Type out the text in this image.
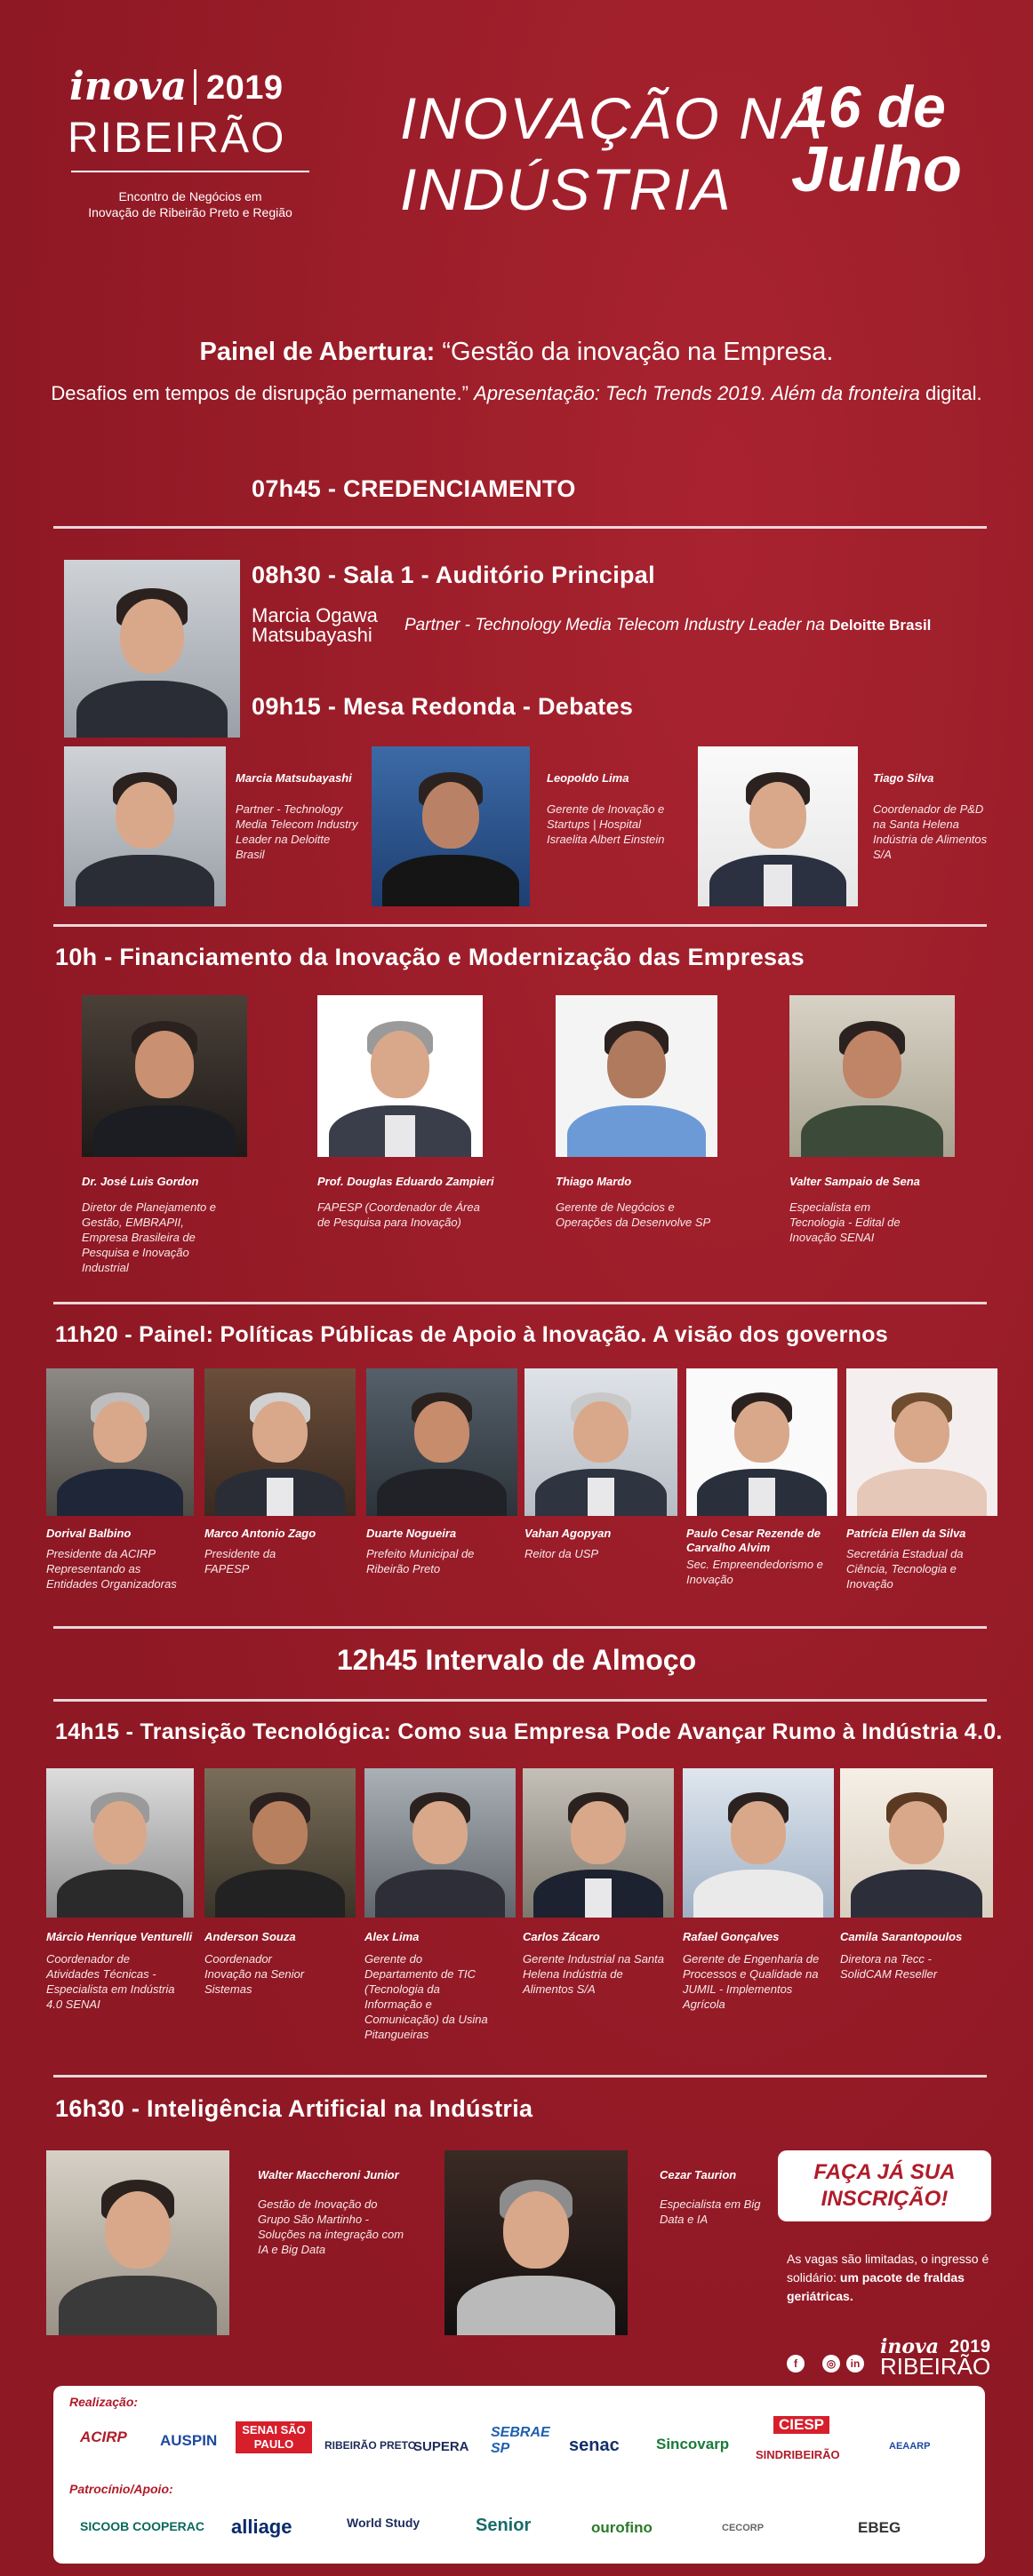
inova 2019
RIBEIRÃO
Encontro de Negócios em
Inovação de Ribeirão Preto e Região
INOVAÇÃO NA
INDÚSTRIA
16 de
Julho
Painel de Abertura: “Gestão da inovação na Empresa.
Desafios em tempos de disrupção permanente.” Apresentação: Tech Trends 2019. Além da fronteira digital.
07h45 - CREDENCIAMENTO
08h30 - Sala 1 - Auditório Principal
Marcia Ogawa Matsubayashi	Partner - Technology Media Telecom Industry Leader na Deloitte Brasil
09h15 - Mesa Redonda - Debates
Marcia Matsubayashi
Partner - Technology Media Telecom Industry Leader na Deloitte Brasil
Leopoldo Lima
Gerente de Inovação e Startups | Hospital Israelita Albert Einstein
Tiago Silva
Coordenador de P&D na Santa Helena Indústria de Alimentos S/A
10h - Financiamento da Inovação e Modernização das Empresas
Dr. José Luis Gordon
Diretor de Planejamento e Gestão, EMBRAPII, Empresa Brasileira de Pesquisa e Inovação Industrial
Prof. Douglas Eduardo Zampieri
FAPESP (Coordenador de Área de Pesquisa para Inovação)
Thiago Mardo
Gerente de Negócios e Operações da Desenvolve SP
Valter Sampaio de Sena
Especialista em Tecnologia - Edital de Inovação SENAI
11h20 - Painel: Políticas Públicas de Apoio à Inovação. A visão dos governos
Dorival Balbino
Presidente da ACIRP Representando as Entidades Organizadoras
Marco Antonio Zago
Presidente da FAPESP
Duarte Nogueira
Prefeito Municipal de Ribeirão Preto
Vahan Agopyan
Reitor da USP
Paulo Cesar Rezende de Carvalho Alvim
Sec. Empreendedorismo e Inovação
Patrícia Ellen da Silva
Secretária Estadual da Ciência, Tecnologia e Inovação
12h45 Intervalo de Almoço
14h15 - Transição Tecnológica: Como sua Empresa Pode Avançar Rumo à Indústria 4.0.
Márcio Henrique Venturelli
Coordenador de Atividades Técnicas - Especialista em Indústria 4.0 SENAI
Anderson Souza
Coordenador Inovação na Senior Sistemas
Alex Lima
Gerente do Departamento de TIC (Tecnologia da Informação e Comunicação) da Usina Pitangueiras
Carlos Zácaro
Gerente Industrial na Santa Helena Indústria de Alimentos S/A
Rafael Gonçalves
Gerente de Engenharia de Processos e Qualidade na JUMIL - Implementos Agrícola
Camila Sarantopoulos
Diretora na Tecc - SolidCAM Reseller
16h30 - Inteligência Artificial na Indústria
Walter Maccheroni Junior
Gestão de Inovação do Grupo São Martinho - Soluções na integração com IA e Big Data
Cezar Taurion
Especialista em Big Data e IA
FAÇA JÁ SUA
INSCRIÇÃO!
As vagas são limitadas, o ingresso é solidário: um pacote de fraldas geriátricas.
f	◎	in
inova 2019
RIBEIRÃO
Realização:
ACIRP AUSPIN
SENAI SÃO PAULO	RIBEIRÃO PRETO
SUPERA
SEBRAE SP	senac Sincovarp
CIESP
SINDRIBEIRÃO
AEAARP
Patrocínio/Apoio:
SICOOB COOPERAC alliage	World Study	Senior	ourofino	CECORP	EBEG
